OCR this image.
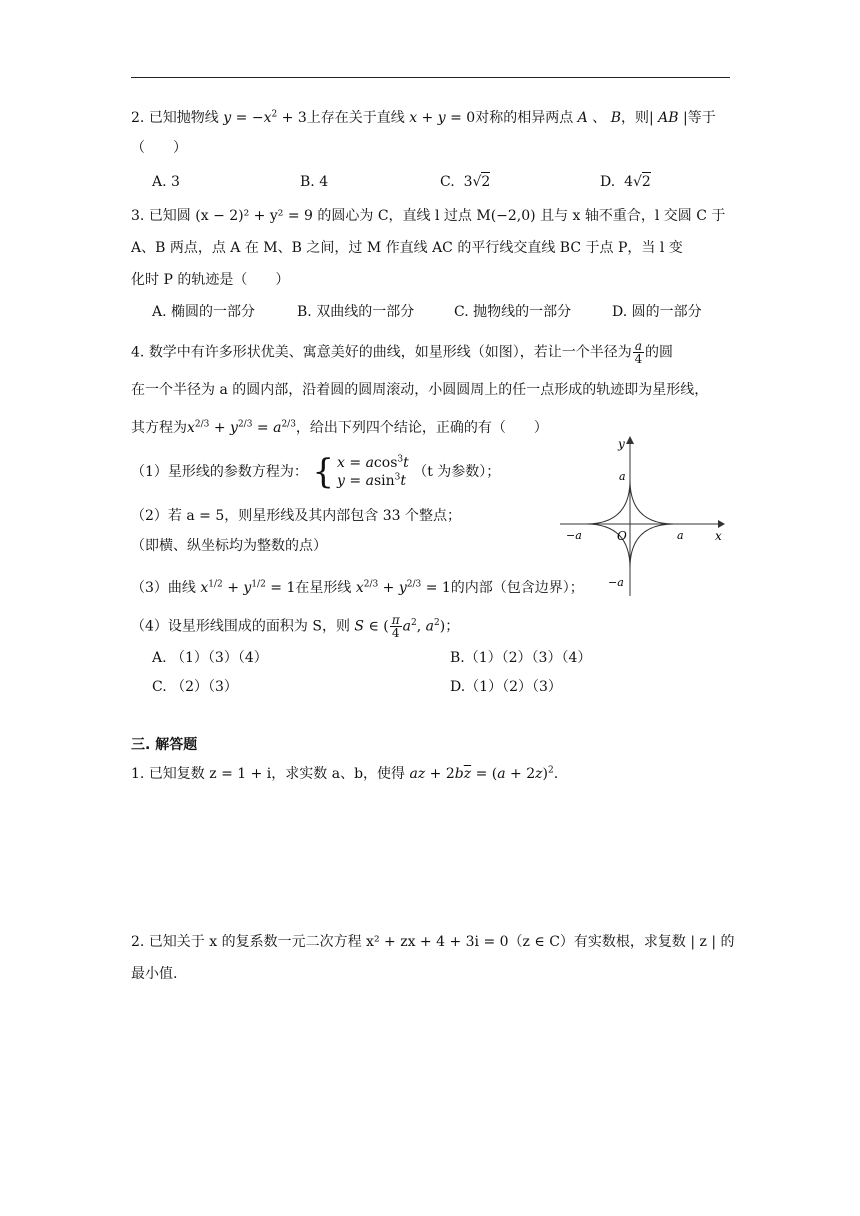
2. 已知抛物线 $y = -x^2 + 3$上存在关于直线 x + y = 0对称的相异两点 A 、 B，则| AB |等于
（　　）
A. 3	B. 4	C.  3√2	D.  4√2
3. 已知圆 (x − 2)² + y² = 9 的圆心为 C，直线 l 过点 M(−2,0) 且与 x 轴不重合，l 交圆 C 于
A、B 两点，点 A 在 M、B 之间，过 M 作直线 AC 的平行线交直线 BC 于点 P，当 l 变
化时 P 的轨迹是（　　）
A. 椭圆的一部分	B. 双曲线的一部分	C. 抛物线的一部分	D. 圆的一部分
4. 数学中有许多形状优美、寓意美好的曲线，如星形线（如图），若让一个半径为 $\frac{a}{4}$ 的圆
在一个半径为 a 的圆内部，沿着圆的圆周滚动，小圆圆周上的任一点形成的轨迹即为星形线，
其方程为$x^{2/3} + y^{2/3} = a^{2/3}$，给出下列四个结论，正确的有（　　）
（1）星形线的参数方程为： { x = acos$^3$t
y = asin$^3$t
（t 为参数）；
（2）若 a = 5，则星形线及其内部包含 33 个整点；
（即横、纵坐标均为整数的点）
（3）曲线 $x^{1/2} + y^{1/2} = 1$在星形线 $x^{2/3} + y^{2/3} = 1$的内部（包含边界）；
（4）设星形线围成的面积为 S，则 S ∈ ( $\frac{\pi}{4} a^2$, $a^2$)；
A. （1）（3）（4）	B.（1）（2）（3）（4）
C. （2）（3）	D.（1）（2）（3）
y
x
a
−a	a
−a
O
三. 解答题
1. 已知复数 z = 1 + i，求实数 a、b，使得 az + $2b\overline{z} = (a + 2z)^2$.
2. 已知关于 x 的复系数一元二次方程 x² + zx + 4 + 3i = 0（z ∈ C）有实数根，求复数 | z | 的
最小值.
